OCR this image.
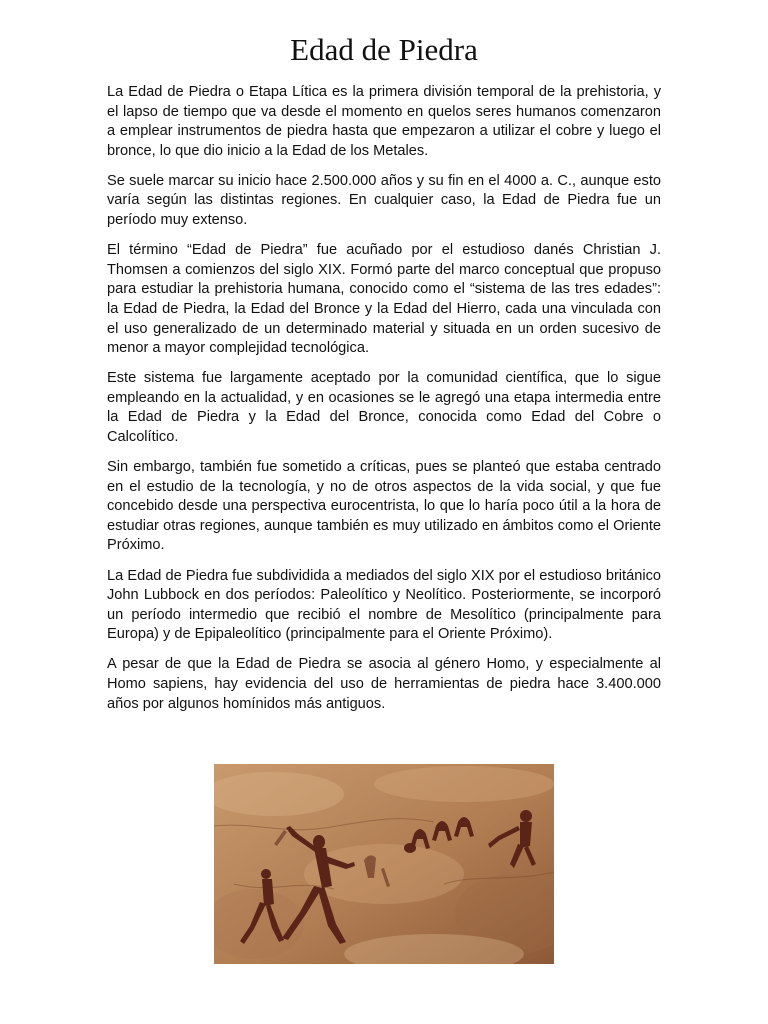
Edad de Piedra

La Edad de Piedra o Etapa Lítica es la primera división temporal de la prehistoria, y el lapso de tiempo que va desde el momento en quelos seres humanos comenzaron a emplear instrumentos de piedra hasta que empezaron a utilizar el cobre y luego el bronce, lo que dio inicio a la Edad de los Metales.

Se suele marcar su inicio hace 2.500.000 años y su fin en el 4000 a. C., aunque esto varía según las distintas regiones. En cualquier caso, la Edad de Piedra fue un período muy extenso.

El término “Edad de Piedra” fue acuñado por el estudioso danés Christian J. Thomsen a comienzos del siglo XIX. Formó parte del marco conceptual que propuso para estudiar la prehistoria humana, conocido como el “sistema de las tres edades”: la Edad de Piedra, la Edad del Bronce y la Edad del Hierro, cada una vinculada con el uso generalizado de un determinado material y situada en un orden sucesivo de menor a mayor complejidad tecnológica.

Este sistema fue largamente aceptado por la comunidad científica, que lo sigue empleando en la actualidad, y en ocasiones se le agregó una etapa intermedia entre la Edad de Piedra y la Edad del Bronce, conocida como Edad del Cobre o Calcolítico.

Sin embargo, también fue sometido a críticas, pues se planteó que estaba centrado en el estudio de la tecnología, y no de otros aspectos de la vida social, y que fue concebido desde una perspectiva eurocentrista, lo que lo haría poco útil a la hora de estudiar otras regiones, aunque también es muy utilizado en ámbitos como el Oriente Próximo.

La Edad de Piedra fue subdividida a mediados del siglo XIX por el estudioso británico John Lubbock en dos períodos: Paleolítico y Neolítico. Posteriormente, se incorporó un período intermedio que recibió el nombre de Mesolítico (principalmente para Europa) y de Epipaleolítico (principalmente para el Oriente Próximo).

A pesar de que la Edad de Piedra se asocia al género Homo, y especialmente al Homo sapiens, hay evidencia del uso de herramientas de piedra hace 3.400.000 años por algunos homínidos más antiguos.
